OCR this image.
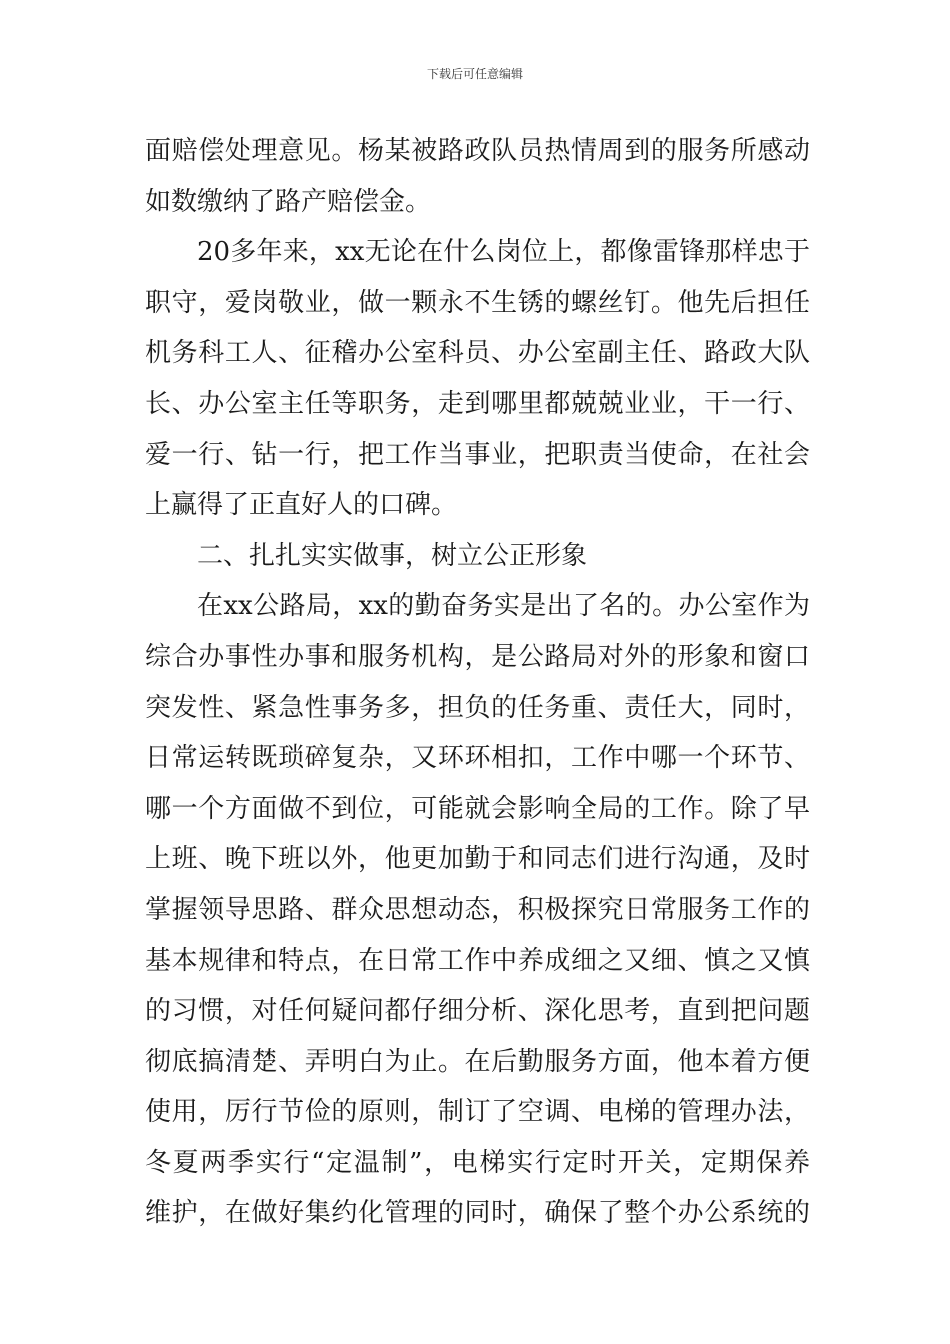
下载后可任意编辑
面赔偿处理意见。杨某被路政队员热情周到的服务所感动
如数缴纳了路产赔偿金。
20多年来，xx无论在什么岗位上，都像雷锋那样忠于
职守，爱岗敬业，做一颗永不生锈的螺丝钉。他先后担任
机务科工人、征稽办公室科员、办公室副主任、路政大队
长、办公室主任等职务，走到哪里都兢兢业业，干一行、
爱一行、钻一行，把工作当事业，把职责当使命，在社会
上赢得了正直好人的口碑。
二、扎扎实实做事，树立公正形象
在xx公路局，xx的勤奋务实是出了名的。办公室作为
综合办事性办事和服务机构，是公路局对外的形象和窗口
突发性、紧急性事务多，担负的任务重、责任大，同时，
日常运转既琐碎复杂，又环环相扣，工作中哪一个环节、
哪一个方面做不到位，可能就会影响全局的工作。除了早
上班、晚下班以外，他更加勤于和同志们进行沟通，及时
掌握领导思路、群众思想动态，积极探究日常服务工作的
基本规律和特点，在日常工作中养成细之又细、慎之又慎
的习惯，对任何疑问都仔细分析、深化思考，直到把问题
彻底搞清楚、弄明白为止。在后勤服务方面，他本着方便
使用，厉行节俭的原则，制订了空调、电梯的管理办法，
冬夏两季实行“定温制”，电梯实行定时开关，定期保养
维护，在做好集约化管理的同时，确保了整个办公系统的
